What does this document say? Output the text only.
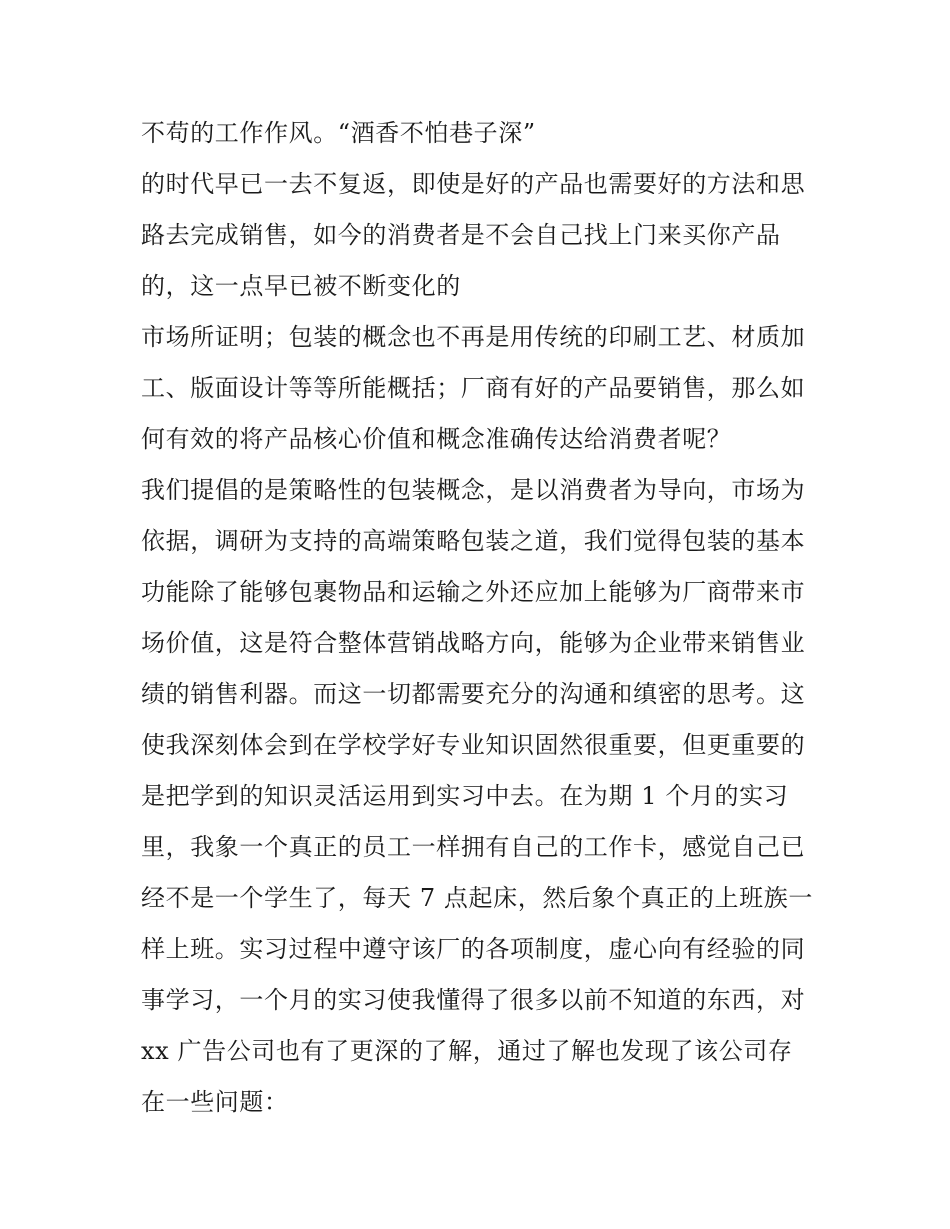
不苟的工作作风。“酒香不怕巷子深”
的时代早已一去不复返，即使是好的产品也需要好的方法和思
路去完成销售，如今的消费者是不会自己找上门来买你产品
的，这一点早已被不断变化的
市场所证明；包装的概念也不再是用传统的印刷工艺、材质加
工、版面设计等等所能概括；厂商有好的产品要销售，那么如
何有效的将产品核心价值和概念准确传达给消费者呢？
我们提倡的是策略性的包装概念，是以消费者为导向，市场为
依据，调研为支持的高端策略包装之道，我们觉得包装的基本
功能除了能够包裹物品和运输之外还应加上能够为厂商带来市
场价值，这是符合整体营销战略方向，能够为企业带来销售业
绩的销售利器。而这一切都需要充分的沟通和缜密的思考。这
使我深刻体会到在学校学好专业知识固然很重要，但更重要的
是把学到的知识灵活运用到实习中去。在为期 1 个月的实习
里，我象一个真正的员工一样拥有自己的工作卡，感觉自己已
经不是一个学生了，每天 7 点起床，然后象个真正的上班族一
样上班。实习过程中遵守该厂的各项制度，虚心向有经验的同
事学习，一个月的实习使我懂得了很多以前不知道的东西，对
xx 广告公司也有了更深的了解，通过了解也发现了该公司存
在一些问题：
